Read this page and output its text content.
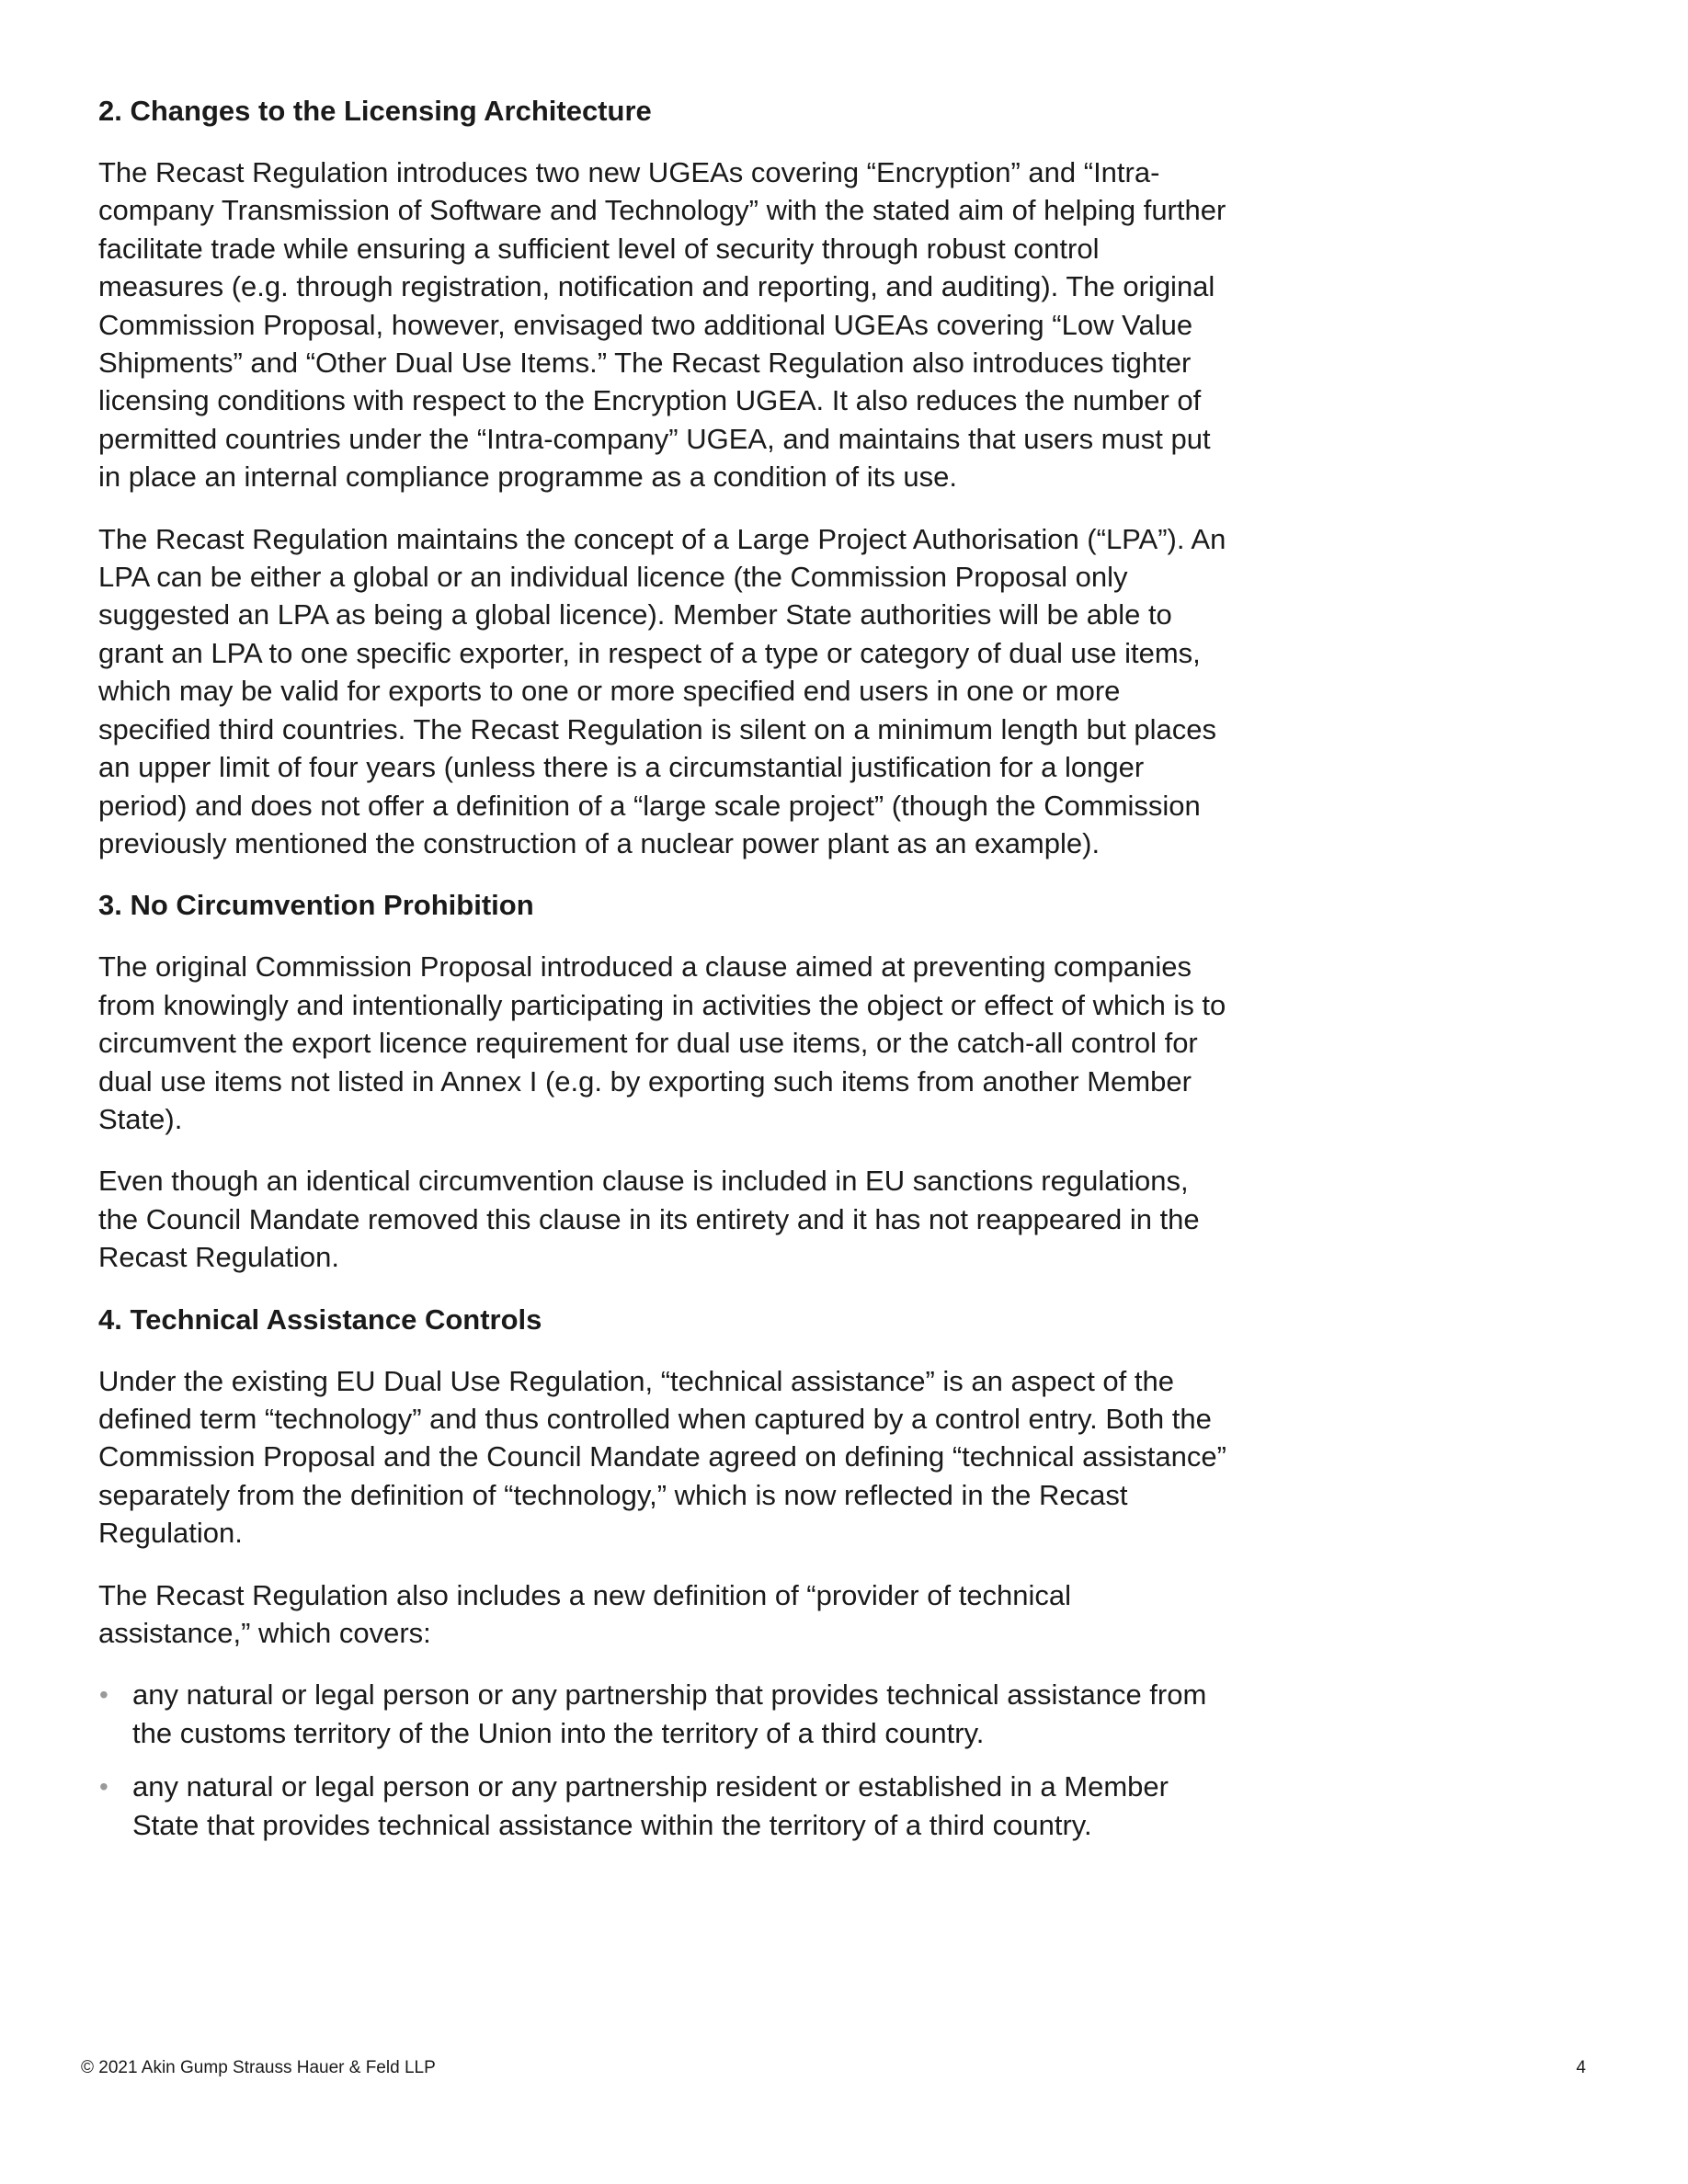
2. Changes to the Licensing Architecture

The Recast Regulation introduces two new UGEAs covering “Encryption” and “Intra-company Transmission of Software and Technology” with the stated aim of helping further facilitate trade while ensuring a sufficient level of security through robust control measures (e.g. through registration, notification and reporting, and auditing). The original Commission Proposal, however, envisaged two additional UGEAs covering “Low Value Shipments” and “Other Dual Use Items.” The Recast Regulation also introduces tighter licensing conditions with respect to the Encryption UGEA. It also reduces the number of permitted countries under the “Intra-company” UGEA, and maintains that users must put in place an internal compliance programme as a condition of its use.

The Recast Regulation maintains the concept of a Large Project Authorisation (“LPA”). An LPA can be either a global or an individual licence (the Commission Proposal only suggested an LPA as being a global licence). Member State authorities will be able to grant an LPA to one specific exporter, in respect of a type or category of dual use items, which may be valid for exports to one or more specified end users in one or more specified third countries. The Recast Regulation is silent on a minimum length but places an upper limit of four years (unless there is a circumstantial justification for a longer period) and does not offer a definition of a “large scale project” (though the Commission previously mentioned the construction of a nuclear power plant as an example).

3. No Circumvention Prohibition

The original Commission Proposal introduced a clause aimed at preventing companies from knowingly and intentionally participating in activities the object or effect of which is to circumvent the export licence requirement for dual use items, or the catch-all control for dual use items not listed in Annex I (e.g. by exporting such items from another Member State).

Even though an identical circumvention clause is included in EU sanctions regulations, the Council Mandate removed this clause in its entirety and it has not reappeared in the Recast Regulation.

4. Technical Assistance Controls

Under the existing EU Dual Use Regulation, “technical assistance” is an aspect of the defined term “technology” and thus controlled when captured by a control entry. Both the Commission Proposal and the Council Mandate agreed on defining “technical assistance” separately from the definition of “technology,” which is now reflected in the Recast Regulation.

The Recast Regulation also includes a new definition of “provider of technical assistance,” which covers:

• any natural or legal person or any partnership that provides technical assistance from the customs territory of the Union into the territory of a third country.
• any natural or legal person or any partnership resident or established in a Member State that provides technical assistance within the territory of a third country.
© 2021 Akin Gump Strauss Hauer & Feld LLP	4
